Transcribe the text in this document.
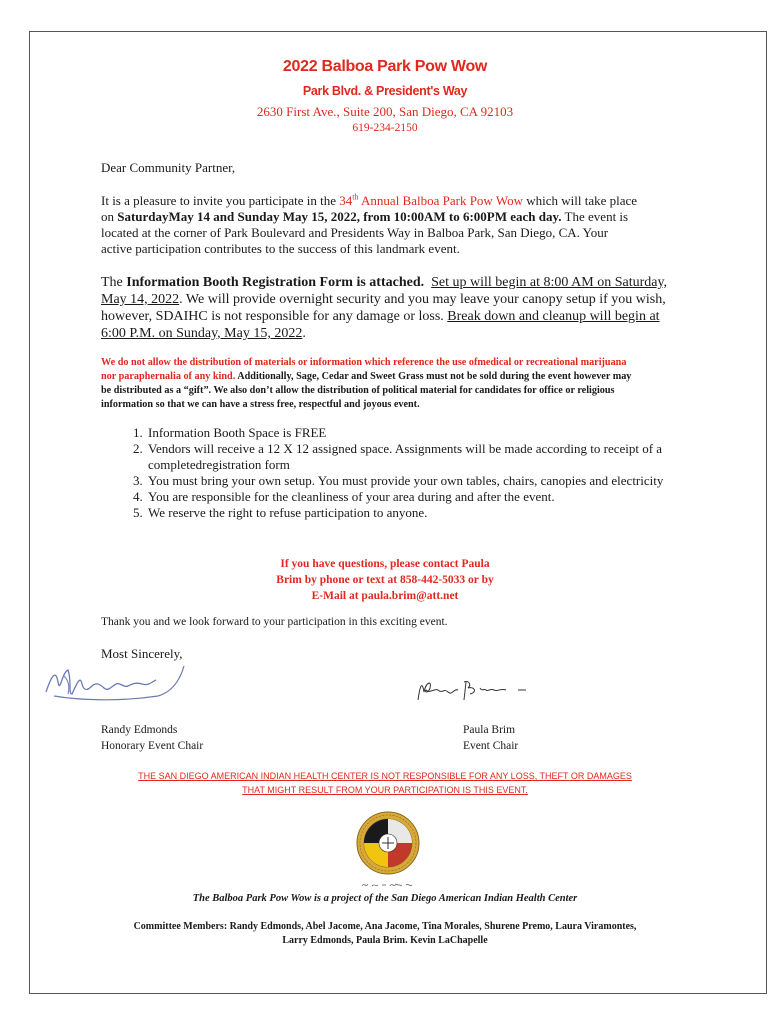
2022 Balboa Park Pow Wow
Park Blvd. & President's Way
2630 First Ave., Suite 200, San Diego, CA 92103
619-234-2150
Dear Community Partner,
It is a pleasure to invite you participate in the 34th Annual Balboa Park Pow Wow which will take place on SaturdayMay 14 and Sunday May 15, 2022, from 10:00AM to 6:00PM each day. The event is located at the corner of Park Boulevard and Presidents Way in Balboa Park, San Diego, CA. Your active participation contributes to the success of this landmark event.
The Information Booth Registration Form is attached. Set up will begin at 8:00 AM on Saturday, May 14, 2022. We will provide overnight security and you may leave your canopy setup if you wish, however, SDAIHC is not responsible for any damage or loss. Break down and cleanup will begin at 6:00 P.M. on Sunday, May 15, 2022.
We do not allow the distribution of materials or information which reference the use ofmedical or recreational marijuana nor paraphernalia of any kind. Additionally, Sage, Cedar and Sweet Grass must not be sold during the event however may be distributed as a “gift”. We also don’t allow the distribution of political material for candidates for office or religious information so that we can have a stress free, respectful and joyous event.
1. Information Booth Space is FREE
2. Vendors will receive a 12 X 12 assigned space. Assignments will be made according to receipt of a completedregistration form
3. You must bring your own setup. You must provide your own tables, chairs, canopies and electricity
4. You are responsible for the cleanliness of your area during and after the event.
5. We reserve the right to refuse participation to anyone.
If you have questions, please contact Paula
Brim by phone or text at 858-442-5033 or by
E-Mail at paula.brim@att.net
Thank you and we look forward to your participation in this exciting event.
Most Sincerely,
Randy Edmonds
Honorary Event Chair
Paula Brim
Event Chair
THE SAN DIEGO AMERICAN INDIAN HEALTH CENTER IS NOT RESPONSIBLE FOR ANY LOSS, THEFT OR DAMAGES
THAT MIGHT RESULT FROM YOUR PARTICIPATION IS THIS EVENT.
The Balboa Park Pow Wow is a project of the San Diego American Indian Health Center
Committee Members: Randy Edmonds, Abel Jacome, Ana Jacome, Tina Morales, Shurene Premo, Laura Viramontes,
Larry Edmonds, Paula Brim. Kevin LaChapelle
